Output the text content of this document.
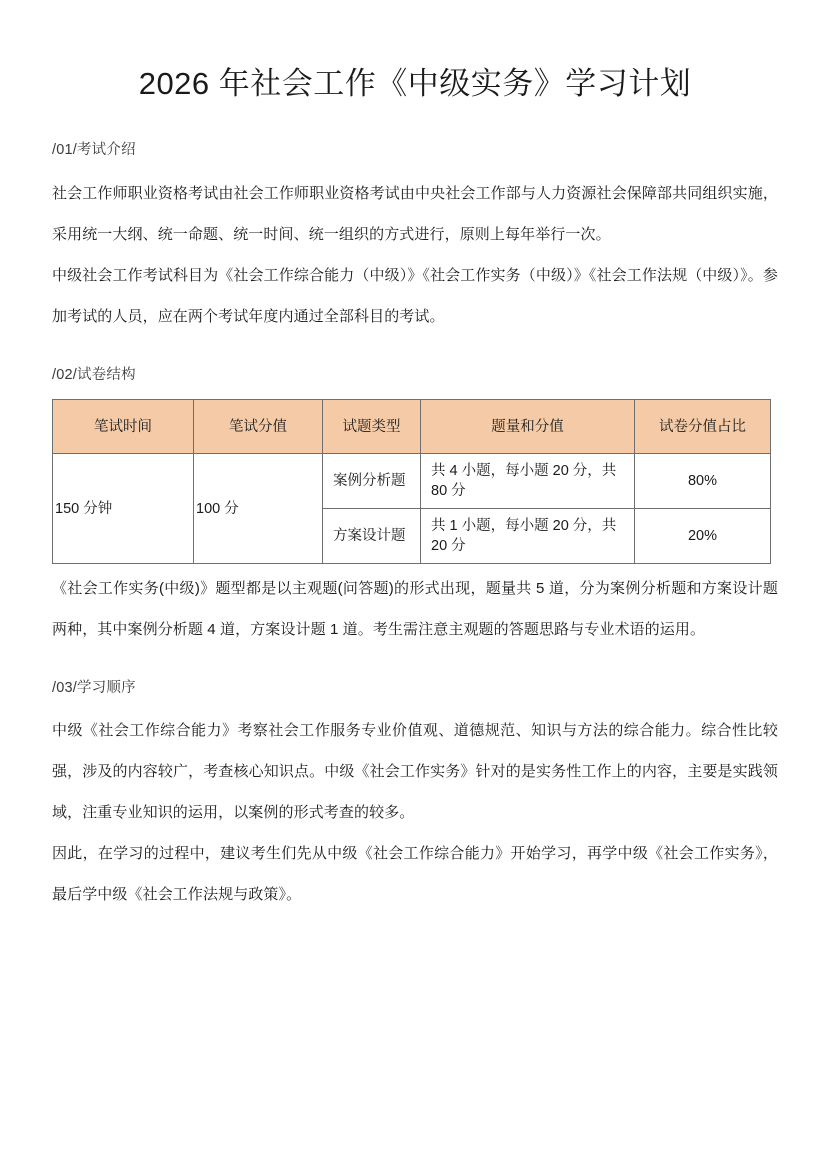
2026 年社会工作《中级实务》学习计划
/01/考试介绍

社会工作师职业资格考试由社会工作师职业资格考试由中央社会工作部与人力资源社会保障部共同组织实施，采用统一大纲、统一命题、统一时间、统一组织的方式进行，原则上每年举行一次。

中级社会工作考试科目为《社会工作综合能力（中级）》《社会工作实务（中级）》《社会工作法规（中级）》。参加考试的人员，应在两个考试年度内通过全部科目的考试。

/02/试卷结构
笔试时间	笔试分值	试题类型	题量和分值	试卷分值占比
150 分钟	100 分	案例分析题	共 4 小题，每小题 20 分，共 80 分	80%
		方案设计题	共 1 小题，每小题 20 分，共 20 分	20%

《社会工作实务(中级)》题型都是以主观题(问答题)的形式出现，题量共 5 道，分为案例分析题和方案设计题两种，其中案例分析题 4 道，方案设计题 1 道。考生需注意主观题的答题思路与专业术语的运用。

/03/学习顺序

中级《社会工作综合能力》考察社会工作服务专业价值观、道德规范、知识与方法的综合能力。综合性比较强，涉及的内容较广，考查核心知识点。中级《社会工作实务》针对的是实务性工作上的内容，主要是实践领域，注重专业知识的运用，以案例的形式考查的较多。

因此，在学习的过程中，建议考生们先从中级《社会工作综合能力》开始学习，再学中级《社会工作实务》，最后学中级《社会工作法规与政策》。
